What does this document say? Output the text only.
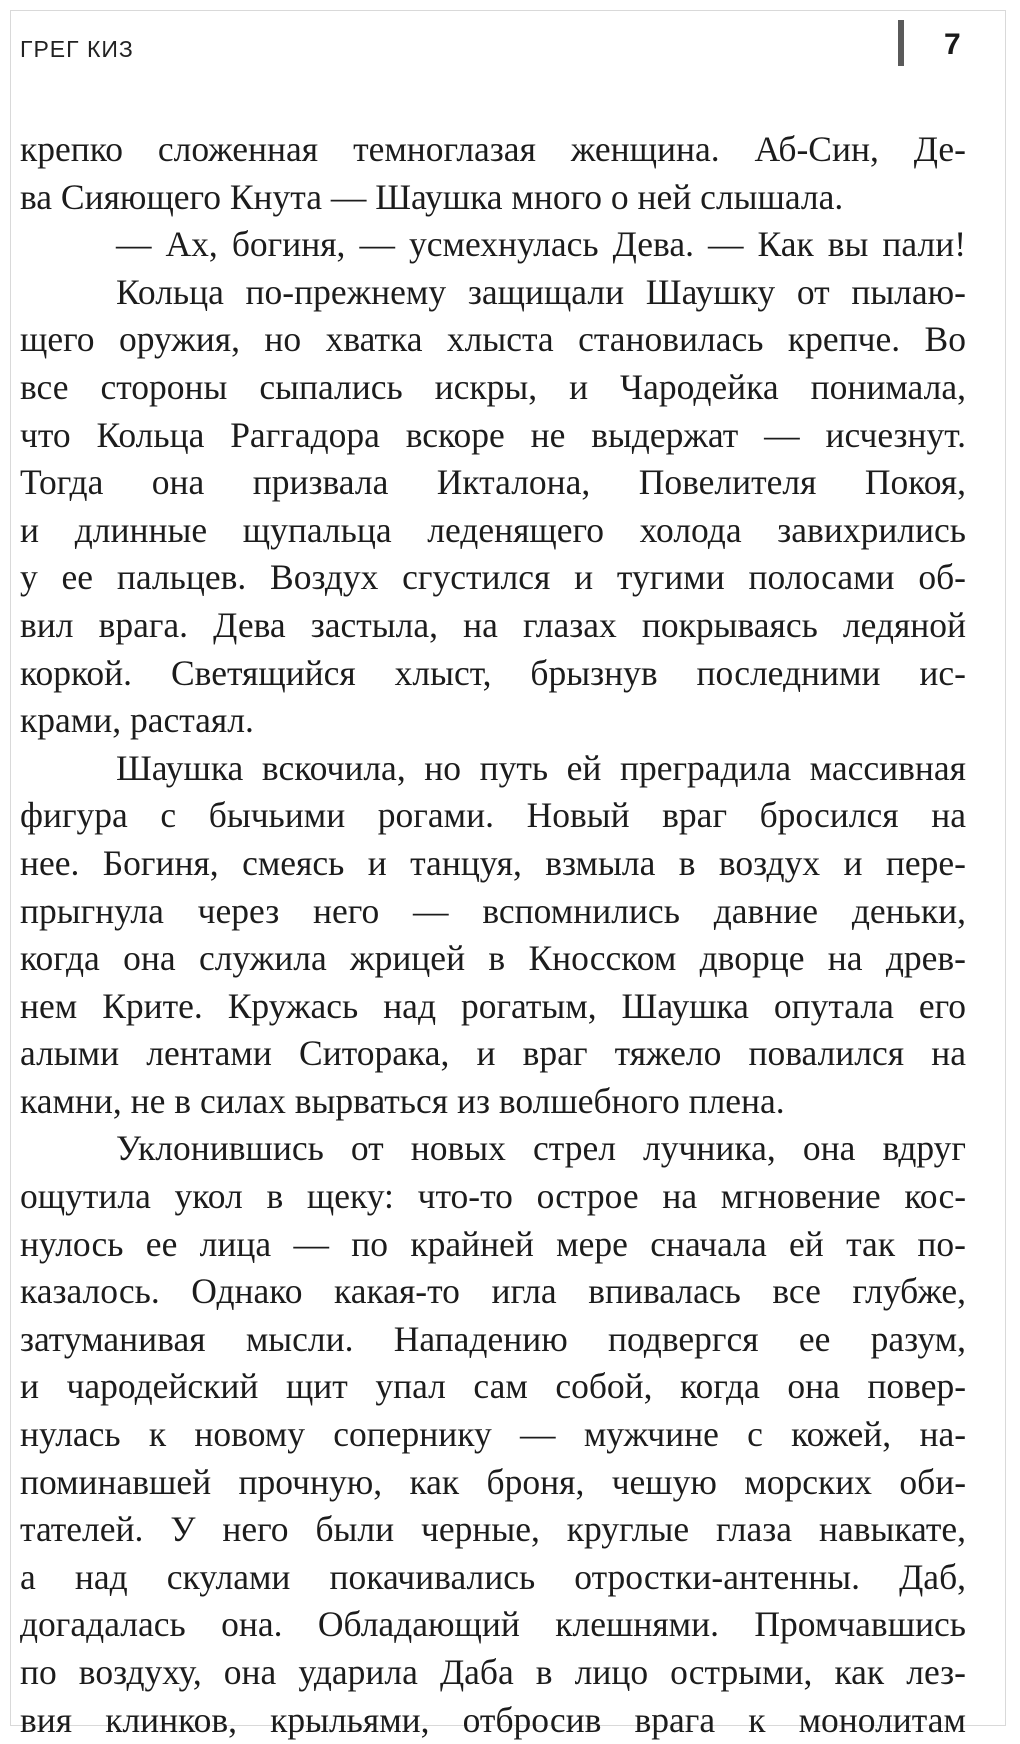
ГРЕГ КИЗ	7

крепко сложенная темноглазая женщина. Аб-Син, Де-
ва Сияющего Кнута — Шаушка много о ней слышала.

— Ах, богиня, — усмехнулась Дева. — Как вы пали!

Кольца по-прежнему защищали Шаушку от пылаю-
щего оружия, но хватка хлыста становилась крепче. Во
все стороны сыпались искры, и Чародейка понимала,
что Кольца Раггадора вскоре не выдержат — исчезнут.
Тогда она призвала Икталона, Повелителя Покоя,
и длинные щупальца леденящего холода завихрились
у ее пальцев. Воздух сгустился и тугими полосами об-
вил врага. Дева застыла, на глазах покрываясь ледяной
коркой. Светящийся хлыст, брызнув последними ис-
крами, растаял.

Шаушка вскочила, но путь ей преградила массивная
фигура с бычьими рогами. Новый враг бросился на
нее. Богиня, смеясь и танцуя, взмыла в воздух и пере-
прыгнула через него — вспомнились давние деньки,
когда она служила жрицей в Кносском дворце на древ-
нем Крите. Кружась над рогатым, Шаушка опутала его
алыми лентами Ситорака, и враг тяжело повалился на
камни, не в силах вырваться из волшебного плена.

Уклонившись от новых стрел лучника, она вдруг
ощутила укол в щеку: что-то острое на мгновение кос-
нулось ее лица — по крайней мере сначала ей так по-
казалось. Однако какая-то игла впивалась все глубже,
затуманивая мысли. Нападению подвергся ее разум,
и чародейский щит упал сам собой, когда она повер-
нулась к новому сопернику — мужчине с кожей, на-
поминавшей прочную, как броня, чешую морских оби-
тателей. У него были черные, круглые глаза навыкате,
а над скулами покачивались отростки-антенны. Даб,
догадалась она. Обладающий клешнями. Промчавшись
по воздуху, она ударила Даба в лицо острыми, как лез-
вия клинков, крыльями, отбросив врага к монолитам
